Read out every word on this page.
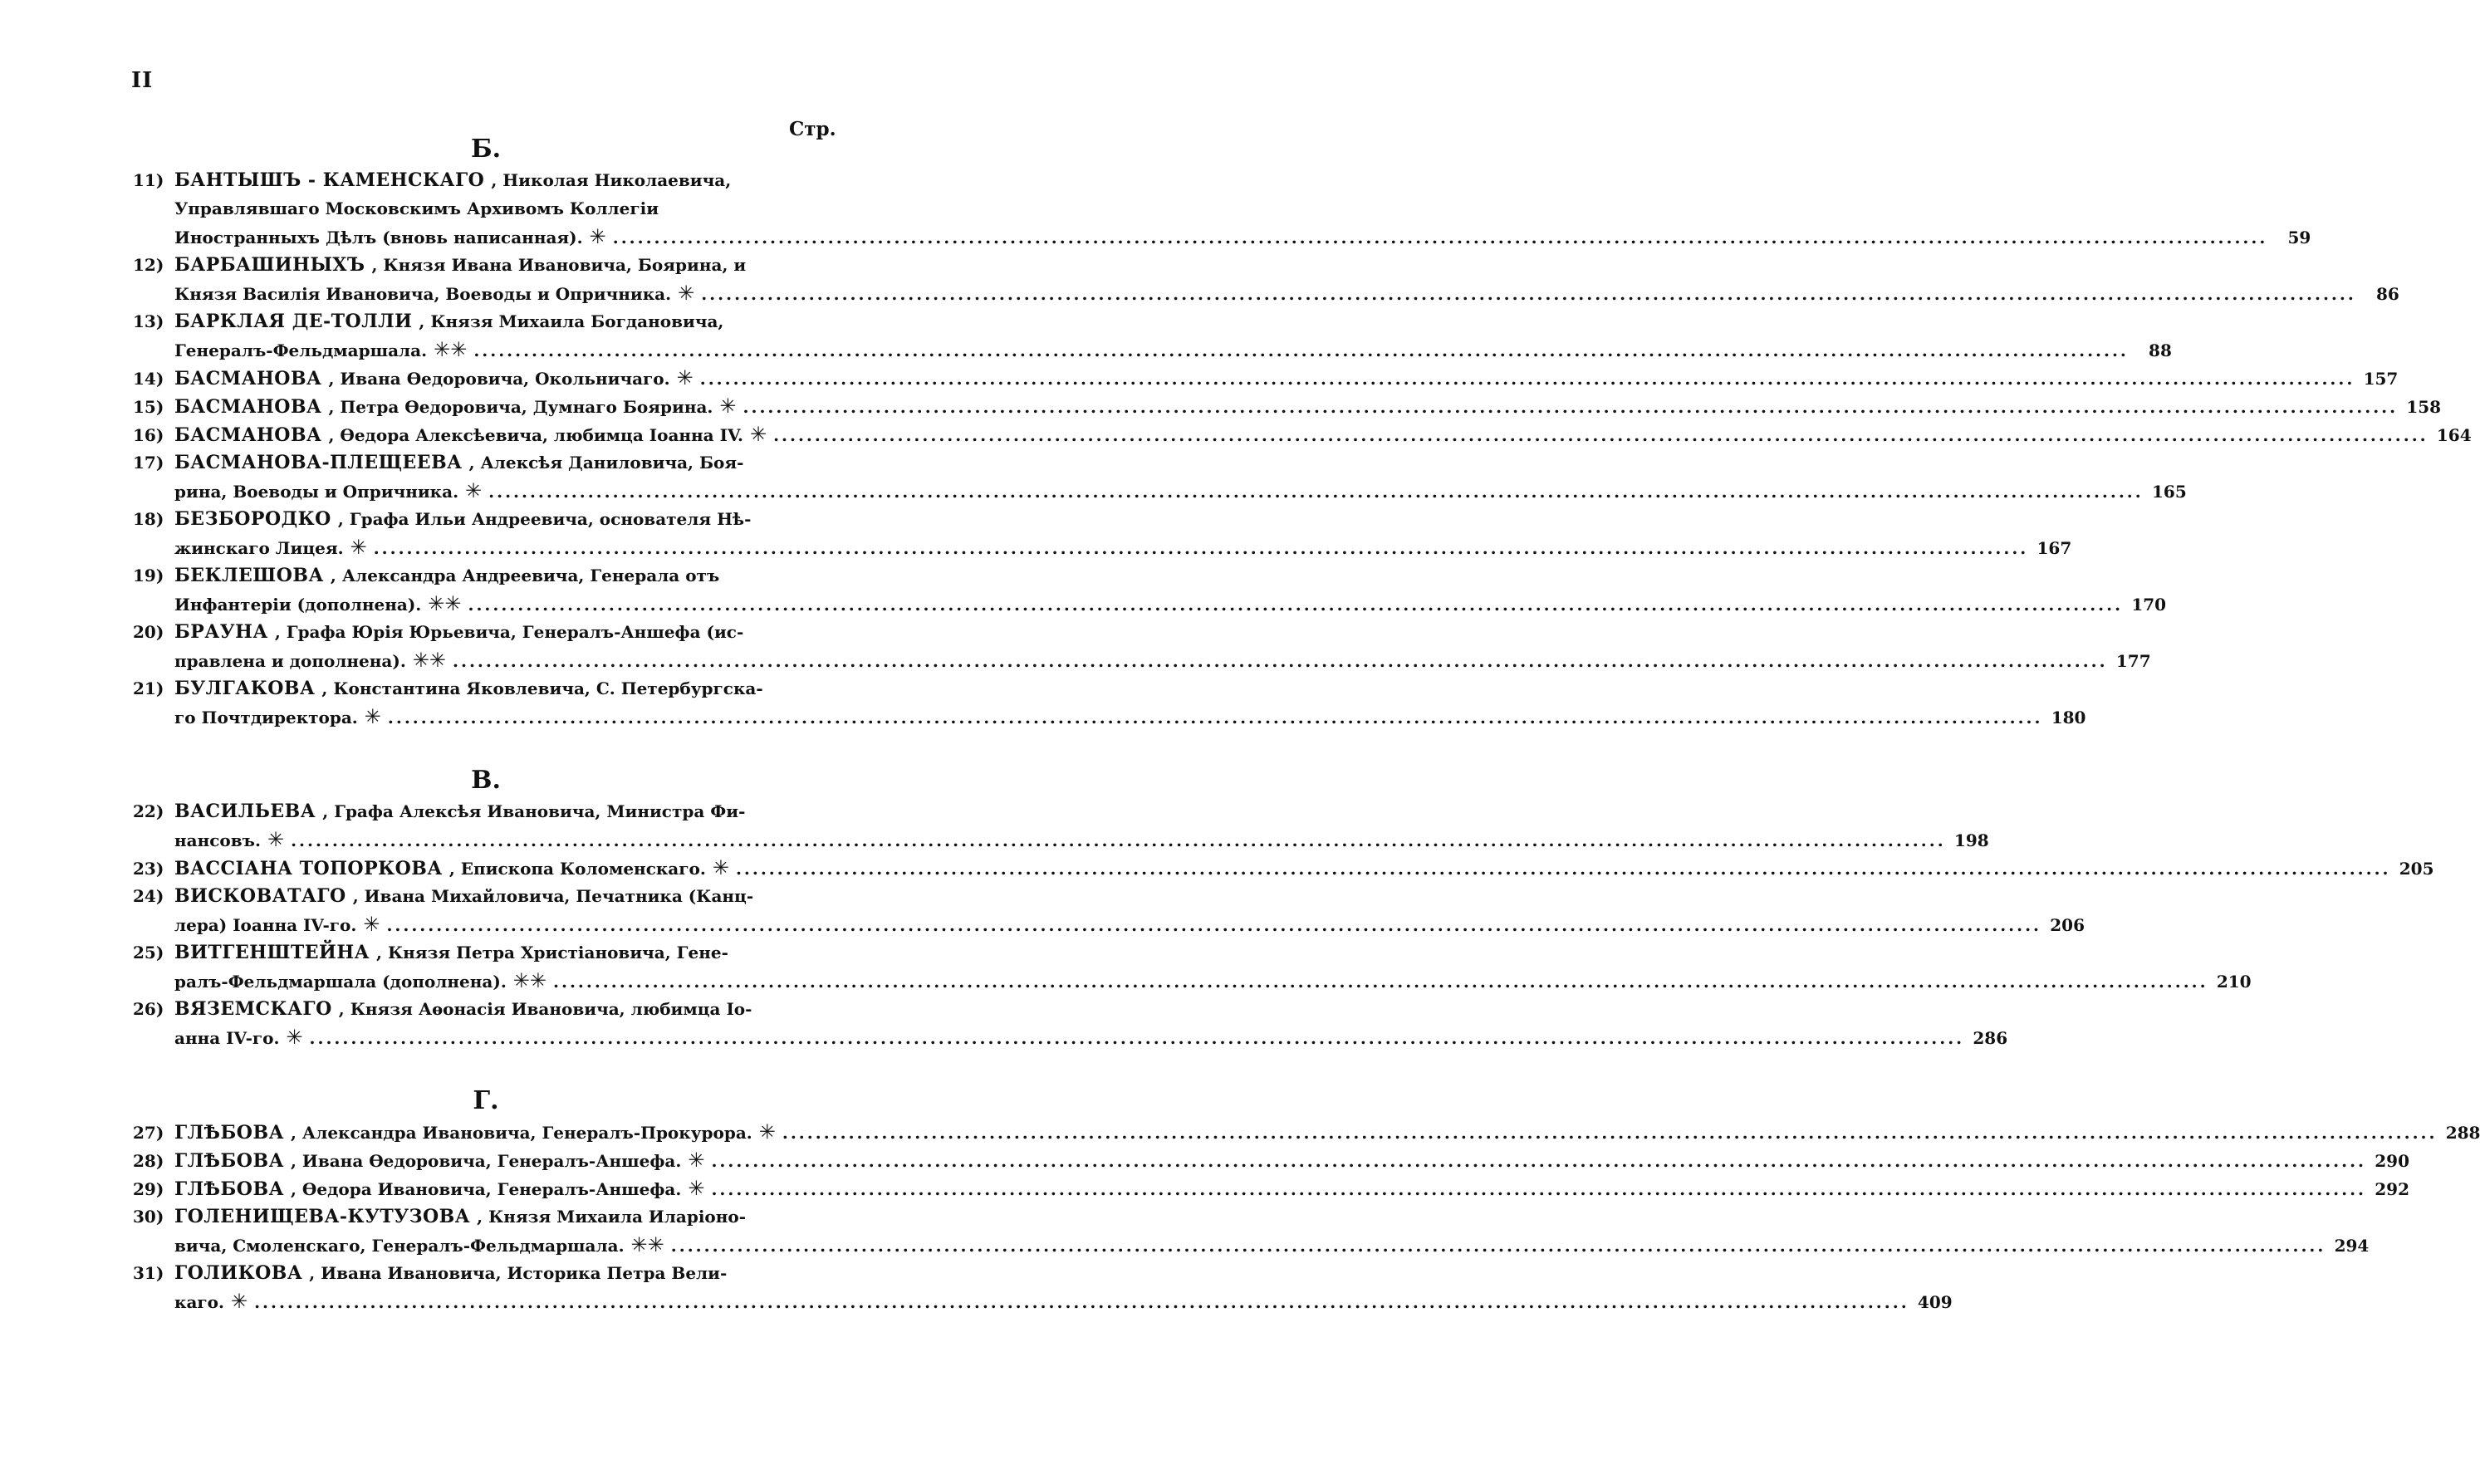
II
Стр.
Б.
11) БАНТЫШЪ - КАМЕНСКАГО , Николая Николаевича,
Управлявшаго Московскимъ Архивомъ Коллегіи
Иностранныхъ Дѣлъ (вновь написанная). ✳ ........................................................................................................................................................................................................	59
12) БАРБАШИНЫХЪ , Князя Ивана Ивановича, Боярина, и
Князя Василія Ивановича, Воеводы и Опричника. ✳ ........................................................................................................................................................................................................	86
13) БАРКЛАЯ ДЕ-ТОЛЛИ , Князя Михаила Богдановича,
Генералъ-Фельдмаршала. ✳✳ ........................................................................................................................................................................................................	88
14) БАСМАНОВА , Ивана Ѳедоровича, Окольничаго. ✳ ........................................................................................................................................................................................................ 157
15) БАСМАНОВА , Петра Ѳедоровича, Думнаго Боярина. ✳ ........................................................................................................................................................................................................ 158
16) БАСМАНОВА , Ѳедора Алексѣевича, любимца Іоанна IV. ✳ ........................................................................................................................................................................................................ 164
17) БАСМАНОВА-ПЛЕЩЕЕВА , Алексѣя Даниловича, Боя-
рина, Воеводы и Опричника. ✳ ........................................................................................................................................................................................................ 165
18) БЕЗБОРОДКО , Графа Ильи Андреевича, основателя Нѣ-
жинскаго Лицея. ✳ ........................................................................................................................................................................................................ 167
19) БЕКЛЕШОВА , Александра Андреевича, Генерала отъ
Инфантеріи (дополнена). ✳✳ ........................................................................................................................................................................................................ 170
20) БРАУНА , Графа Юрія Юрьевича, Генералъ-Аншефа (ис-
правлена и дополнена). ✳✳ ........................................................................................................................................................................................................ 177
21) БУЛГАКОВА , Константина Яковлевича, С. Петербургска-
го Почтдиректора. ✳ ........................................................................................................................................................................................................ 180
В.
22) ВАСИЛЬЕВА , Графа Алексѣя Ивановича, Министра Фи-
нансовъ. ✳ ........................................................................................................................................................................................................ 198
23) ВАССІАНА ТОПОРКОВА , Епископа Коломенскаго. ✳ ........................................................................................................................................................................................................ 205
24) ВИСКОВАТАГО , Ивана Михайловича, Печатника (Канц-
лера) Іоанна IV-го. ✳ ........................................................................................................................................................................................................ 206
25) ВИТГЕНШТЕЙНА , Князя Петра Христіановича, Гене-
ралъ-Фельдмаршала (дополнена). ✳✳ ........................................................................................................................................................................................................ 210
26) ВЯЗЕМСКАГО , Князя Аѳонасія Ивановича, любимца Іо-
анна IV-го. ✳ ........................................................................................................................................................................................................ 286
Г.
27) ГЛѢБОВА , Александра Ивановича, Генералъ-Прокурора. ✳ ........................................................................................................................................................................................................ 288
28) ГЛѢБОВА , Ивана Ѳедоровича, Генералъ-Аншефа. ✳ ........................................................................................................................................................................................................ 290
29) ГЛѢБОВА , Ѳедора Ивановича, Генералъ-Аншефа. ✳ ........................................................................................................................................................................................................ 292
30) ГОЛЕНИЩЕВА-КУТУЗОВА , Князя Михаила Иларіоно-
вича, Смоленскаго, Генералъ-Фельдмаршала. ✳✳ ........................................................................................................................................................................................................ 294
31) ГОЛИКОВА , Ивана Ивановича, Историка Петра Вели-
каго. ✳ ........................................................................................................................................................................................................ 409
